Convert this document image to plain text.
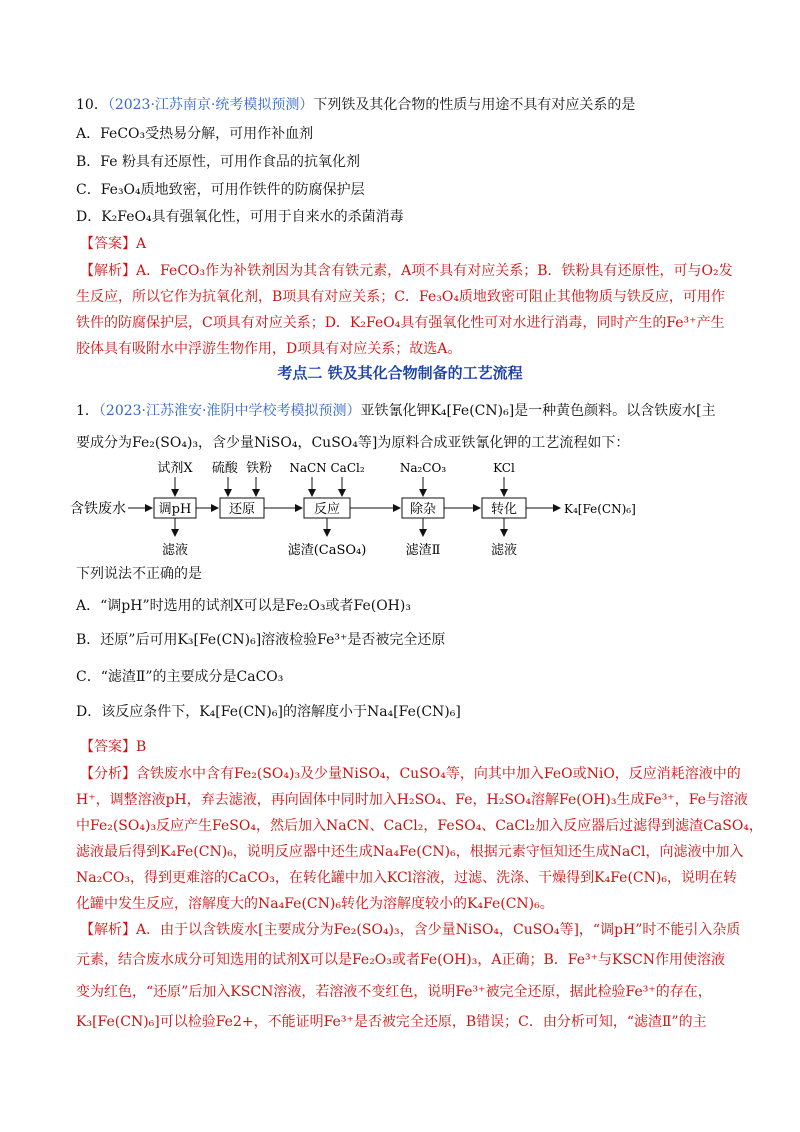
10．（2023·江苏南京·统考模拟预测）下列铁及其化合物的性质与用途不具有对应关系的是
A．FeCO₃受热易分解，可用作补血剂
B．Fe 粉具有还原性，可用作食品的抗氧化剂
C．Fe₃O₄质地致密，可用作铁件的防腐保护层
D．K₂FeO₄具有强氧化性，可用于自来水的杀菌消毒
【答案】A
【解析】A．FeCO₃作为补铁剂因为其含有铁元素，A项不具有对应关系；B．铁粉具有还原性，可与O₂发
生反应，所以它作为抗氧化剂，B项具有对应关系；C．Fe₃O₄质地致密可阻止其他物质与铁反应，可用作
铁件的防腐保护层，C项具有对应关系；D．K₂FeO₄具有强氧化性可对水进行消毒，同时产生的Fe³⁺产生
胶体具有吸附水中浮游生物作用，D项具有对应关系；故选A。
考点二 铁及其化合物制备的工艺流程
1．（2023·江苏淮安·淮阴中学校考模拟预测）亚铁氰化钾K₄[Fe(CN)₆]是一种黄色颜料。以含铁废水[主
要成分为Fe₂(SO₄)₃，含少量NiSO₄，CuSO₄等]为原料合成亚铁氰化钾的工艺流程如下：
含铁废水	调pH	还原	反应	除杂	转化
试剂X 硫酸  铁粉 NaCN CaCl₂	Na₂CO₃	KCl
滤液	滤渣(CaSO₄)	滤渣Ⅱ	滤液
K₄[Fe(CN)₆]
下列说法不正确的是
A．“调pH”时选用的试剂X可以是Fe₂O₃或者Fe(OH)₃
B．还原”后可用K₃[Fe(CN)₆]溶液检验Fe³⁺是否被完全还原
C．“滤渣Ⅱ”的主要成分是CaCO₃
D．该反应条件下，K₄[Fe(CN)₆]的溶解度小于Na₄[Fe(CN)₆]
【答案】B
【分析】含铁废水中含有Fe₂(SO₄)₃及少量NiSO₄，CuSO₄等，向其中加入FeO或NiO，反应消耗溶液中的
H⁺，调整溶液pH，弃去滤液，再向固体中同时加入H₂SO₄、Fe，H₂SO₄溶解Fe(OH)₃生成Fe³⁺，Fe与溶液
中Fe₂(SO₄)₃反应产生FeSO₄，然后加入NaCN、CaCl₂，FeSO₄、CaCl₂加入反应器后过滤得到滤渣CaSO₄，
滤液最后得到K₄Fe(CN)₆，说明反应器中还生成Na₄Fe(CN)₆，根据元素守恒知还生成NaCl，向滤液中加入
Na₂CO₃，得到更难溶的CaCO₃，在转化罐中加入KCl溶液，过滤、洗涤、干燥得到K₄Fe(CN)₆，说明在转
化罐中发生反应，溶解度大的Na₄Fe(CN)₆转化为溶解度较小的K₄Fe(CN)₆。
【解析】A．由于以含铁废水[主要成分为Fe₂(SO₄)₃，含少量NiSO₄，CuSO₄等]，“调pH”时不能引入杂质
元素，结合废水成分可知选用的试剂X可以是Fe₂O₃或者Fe(OH)₃，A正确；B．Fe³⁺与KSCN作用使溶液
变为红色，“还原”后加入KSCN溶液，若溶液不变红色，说明Fe³⁺被完全还原，据此检验Fe³⁺的存在，
K₃[Fe(CN)₆]可以检验Fe2+，不能证明Fe³⁺是否被完全还原，B错误；C．由分析可知，“滤渣Ⅱ”的主
